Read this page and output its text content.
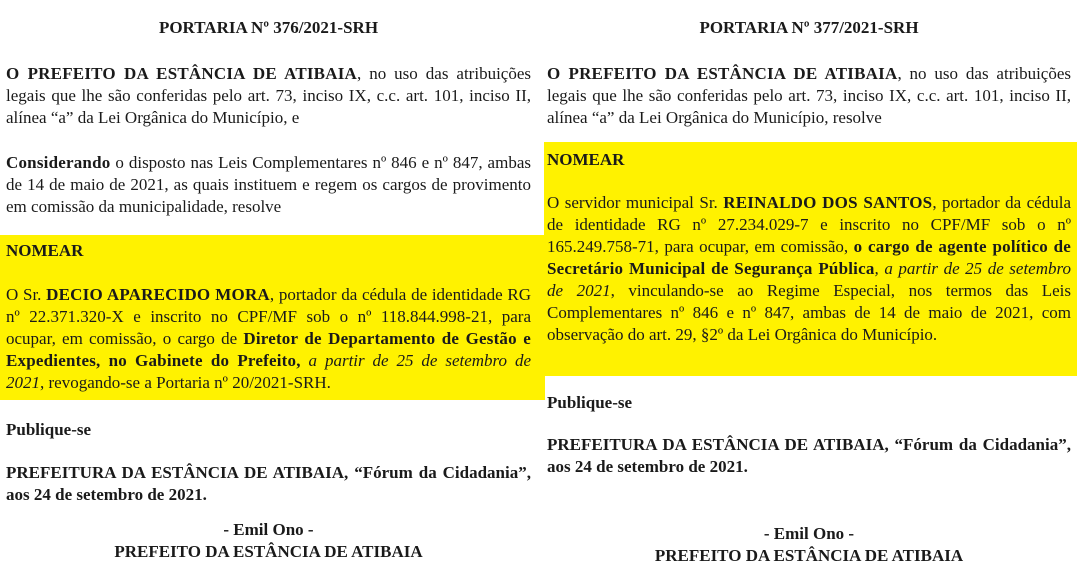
PORTARIA Nº 376/2021-SRH
O PREFEITO DA ESTÂNCIA DE ATIBAIA, no uso das atribuições legais que lhe são conferidas pelo art. 73, inciso IX, c.c. art. 101, inciso II, alínea “a” da Lei Orgânica do Município, e
Considerando o disposto nas Leis Complementares nº 846 e nº 847, ambas de 14 de maio de 2021, as quais instituem e regem os cargos de provimento em comissão da municipalidade, resolve
NOMEAR
O Sr. DECIO APARECIDO MORA, portador da cédula de identidade RG nº 22.371.320-X e inscrito no CPF/MF sob o nº 118.844.998-21, para ocupar, em comissão, o cargo de Diretor de Departamento de Gestão e Expedientes, no Gabinete do Prefeito, a partir de 25 de setembro de 2021, revogando-se a Portaria nº 20/2021-SRH.
Publique-se
PREFEITURA DA ESTÂNCIA DE ATIBAIA, “Fórum da Cidadania”, aos 24 de setembro de 2021.
- Emil Ono -
PREFEITO DA ESTÂNCIA DE ATIBAIA
PORTARIA Nº 377/2021-SRH
O PREFEITO DA ESTÂNCIA DE ATIBAIA, no uso das atribuições legais que lhe são conferidas pelo art. 73, inciso IX, c.c. art. 101, inciso II, alínea “a” da Lei Orgânica do Município, resolve
NOMEAR
O servidor municipal Sr. REINALDO DOS SANTOS, portador da cédula de identidade RG nº 27.234.029-7 e inscrito no CPF/MF sob o nº 165.249.758-71, para ocupar, em comissão, o cargo de agente político de Secretário Municipal de Segurança Pública, a partir de 25 de setembro de 2021, vinculando-se ao Regime Especial, nos termos das Leis Complementares nº 846 e nº 847, ambas de 14 de maio de 2021, com observação do art. 29, §2º da Lei Orgânica do Município.
Publique-se
PREFEITURA DA ESTÂNCIA DE ATIBAIA, “Fórum da Cidadania”, aos 24 de setembro de 2021.
- Emil Ono -
PREFEITO DA ESTÂNCIA DE ATIBAIA
